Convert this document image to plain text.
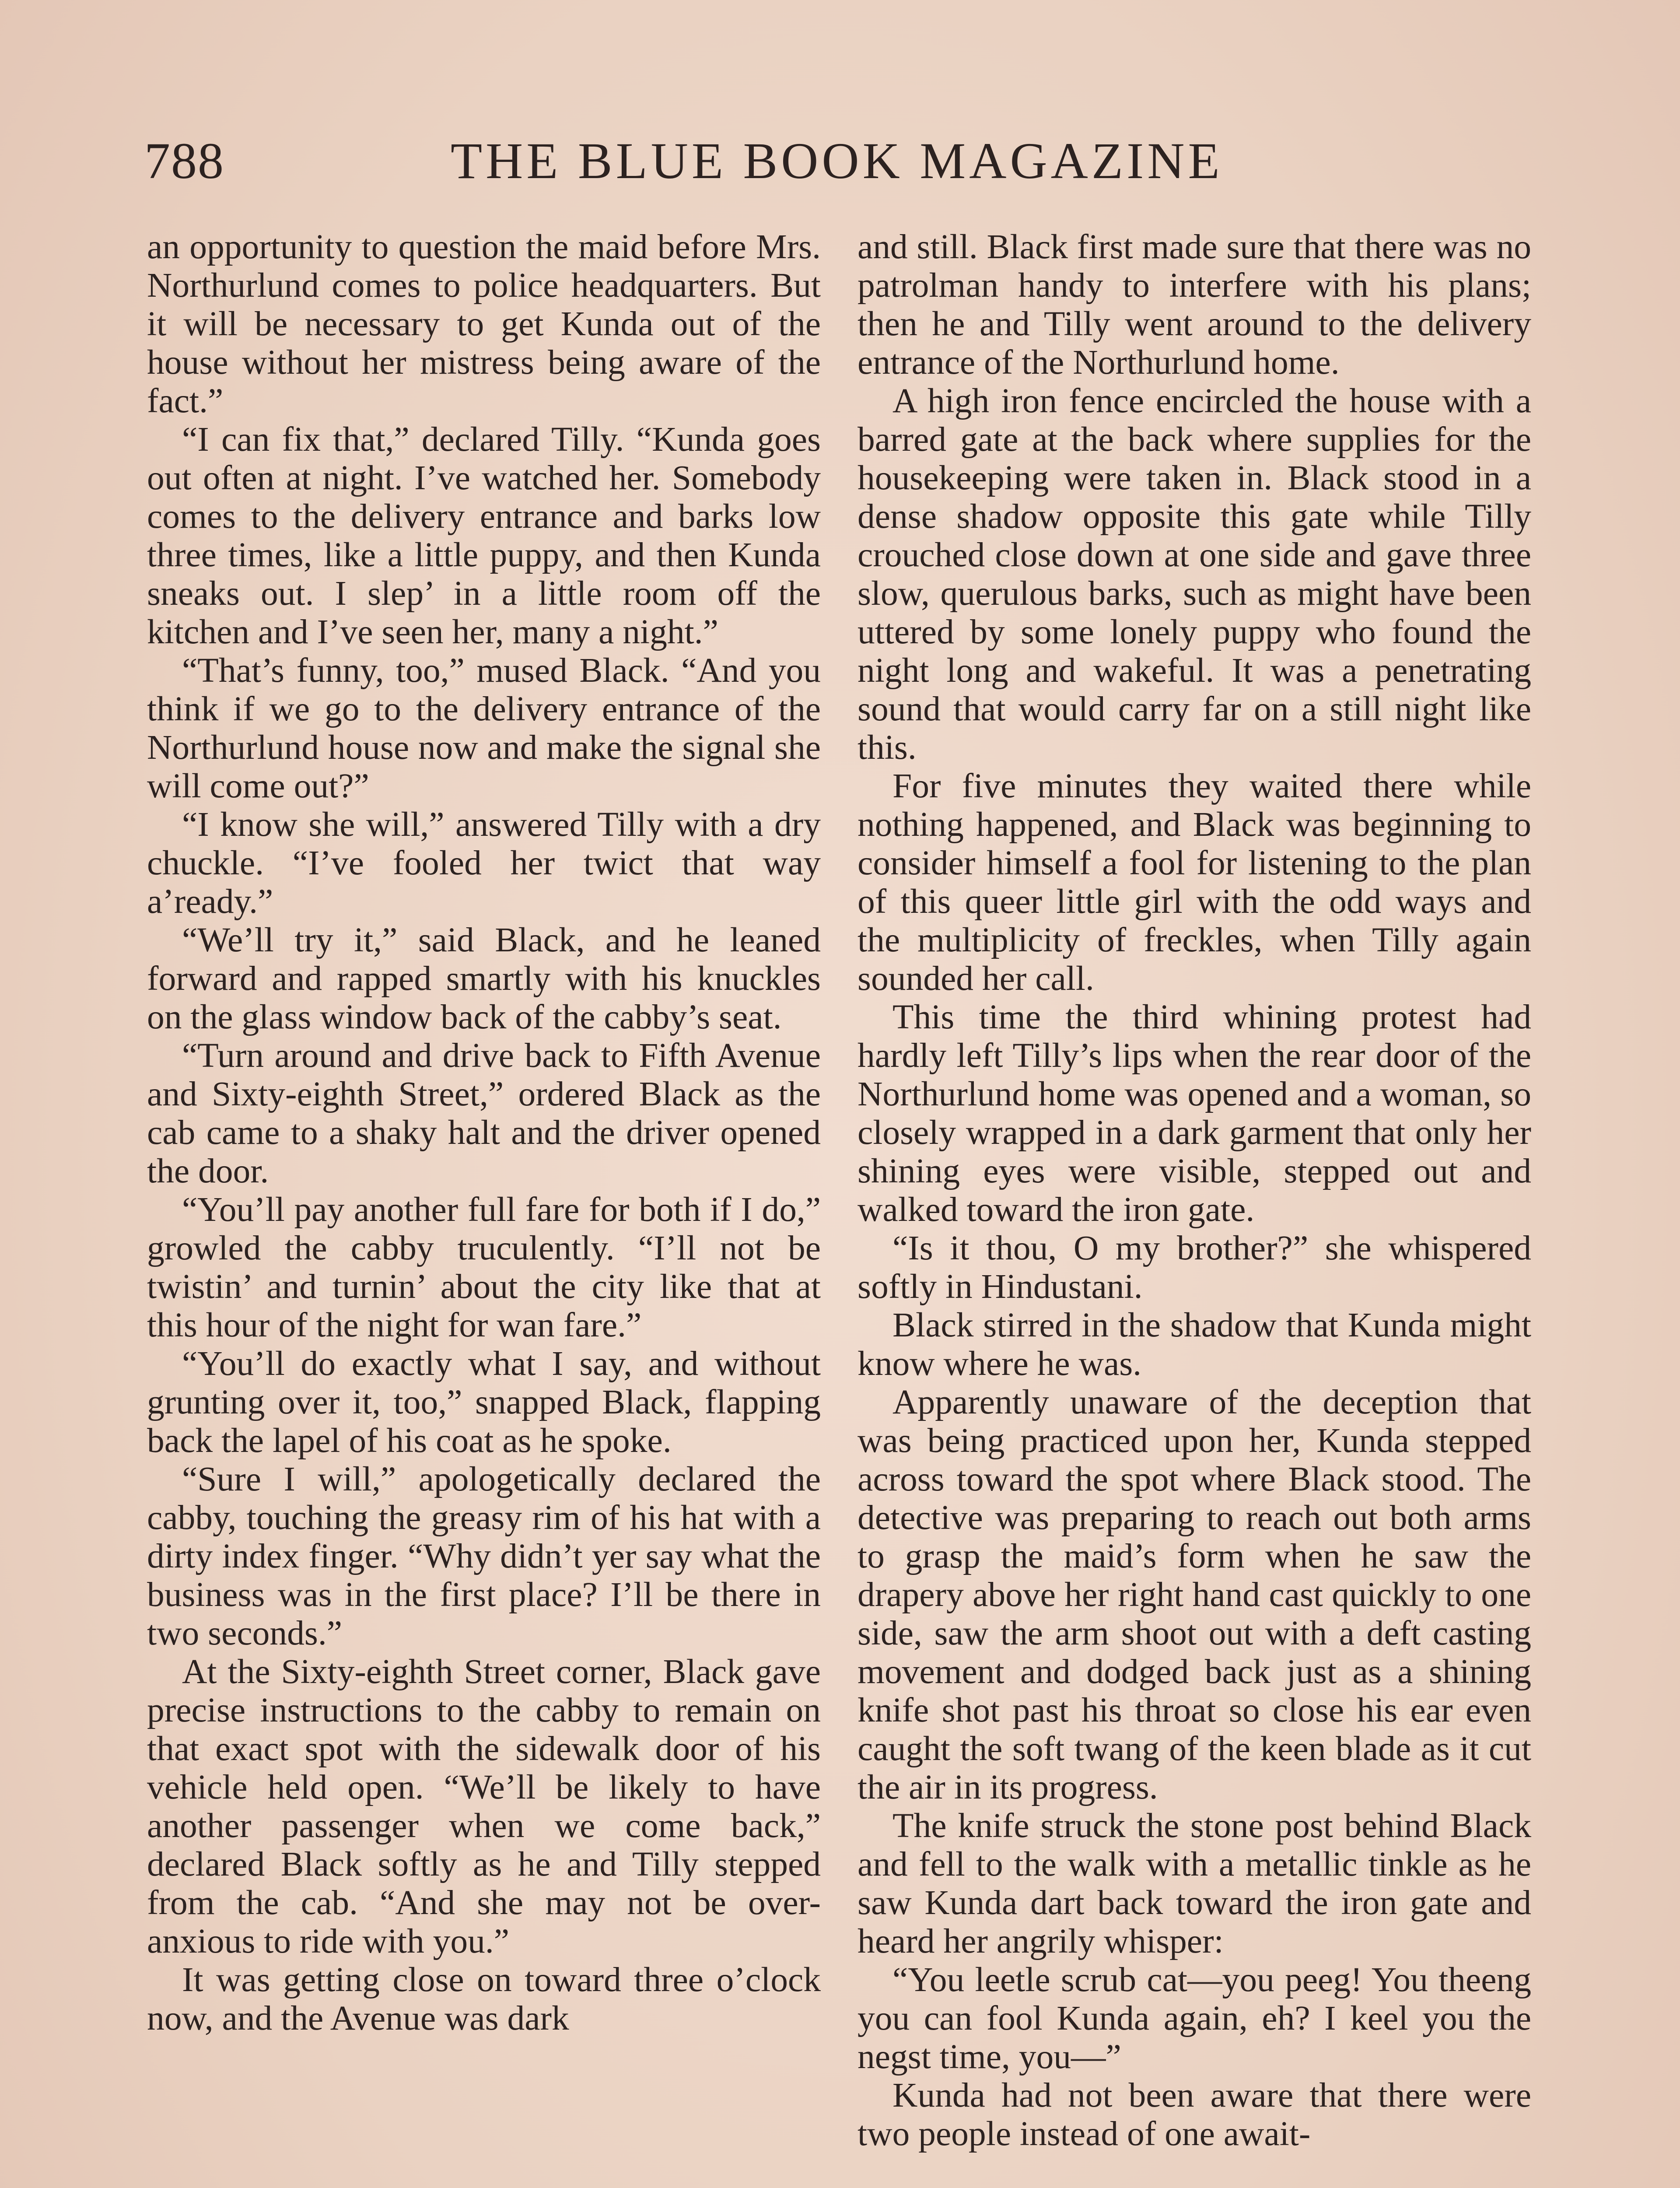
788	THE BLUE BOOK MAGAZINE

an opportunity to question the maid before Mrs. Northurlund comes to police headquarters. But it will be necessary to get Kunda out of the house without her mistress being aware of the fact.”

“I can fix that,” declared Tilly. “Kunda goes out often at night. I’ve watched her. Somebody comes to the delivery entrance and barks low three times, like a little puppy, and then Kunda sneaks out. I slep’ in a little room off the kitchen and I’ve seen her, many a night.”

“That’s funny, too,” mused Black. “And you think if we go to the delivery entrance of the Northurlund house now and make the signal she will come out?”

“I know she will,” answered Tilly with a dry chuckle. “I’ve fooled her twict that way a’ready.”

“We’ll try it,” said Black, and he leaned forward and rapped smartly with his knuckles on the glass window back of the cabby’s seat.

“Turn around and drive back to Fifth Avenue and Sixty-eighth Street,” ordered Black as the cab came to a shaky halt and the driver opened the door.

“You’ll pay another full fare for both if I do,” growled the cabby truculently. “I’ll not be twistin’ and turnin’ about the city like that at this hour of the night for wan fare.”

“You’ll do exactly what I say, and without grunting over it, too,” snapped Black, flapping back the lapel of his coat as he spoke.

“Sure I will,” apologetically declared the cabby, touching the greasy rim of his hat with a dirty index finger. “Why didn’t yer say what the business was in the first place? I’ll be there in two seconds.”

At the Sixty-eighth Street corner, Black gave precise instructions to the cabby to remain on that exact spot with the sidewalk door of his vehicle held open. “We’ll be likely to have another passenger when we come back,” declared Black softly as he and Tilly stepped from the cab. “And she may not be over-anxious to ride with you.”

It was getting close on toward three o’clock now, and the Avenue was dark

and still. Black first made sure that there was no patrolman handy to interfere with his plans; then he and Tilly went around to the delivery entrance of the Northurlund home.

A high iron fence encircled the house with a barred gate at the back where supplies for the housekeeping were taken in. Black stood in a dense shadow opposite this gate while Tilly crouched close down at one side and gave three slow, querulous barks, such as might have been uttered by some lonely puppy who found the night long and wakeful. It was a penetrating sound that would carry far on a still night like this.

For five minutes they waited there while nothing happened, and Black was beginning to consider himself a fool for listening to the plan of this queer little girl with the odd ways and the multiplicity of freckles, when Tilly again sounded her call.

This time the third whining protest had hardly left Tilly’s lips when the rear door of the Northurlund home was opened and a woman, so closely wrapped in a dark garment that only her shining eyes were visible, stepped out and walked toward the iron gate.

“Is it thou, O my brother?” she whispered softly in Hindustani.

Black stirred in the shadow that Kunda might know where he was.

Apparently unaware of the deception that was being practiced upon her, Kunda stepped across toward the spot where Black stood. The detective was preparing to reach out both arms to grasp the maid’s form when he saw the drapery above her right hand cast quickly to one side, saw the arm shoot out with a deft casting movement and dodged back just as a shining knife shot past his throat so close his ear even caught the soft twang of the keen blade as it cut the air in its progress.

The knife struck the stone post behind Black and fell to the walk with a metallic tinkle as he saw Kunda dart back toward the iron gate and heard her angrily whisper:

“You leetle scrub cat—you peeg! You theeng you can fool Kunda again, eh? I keel you the negst time, you—”

Kunda had not been aware that there were two people instead of one await-
